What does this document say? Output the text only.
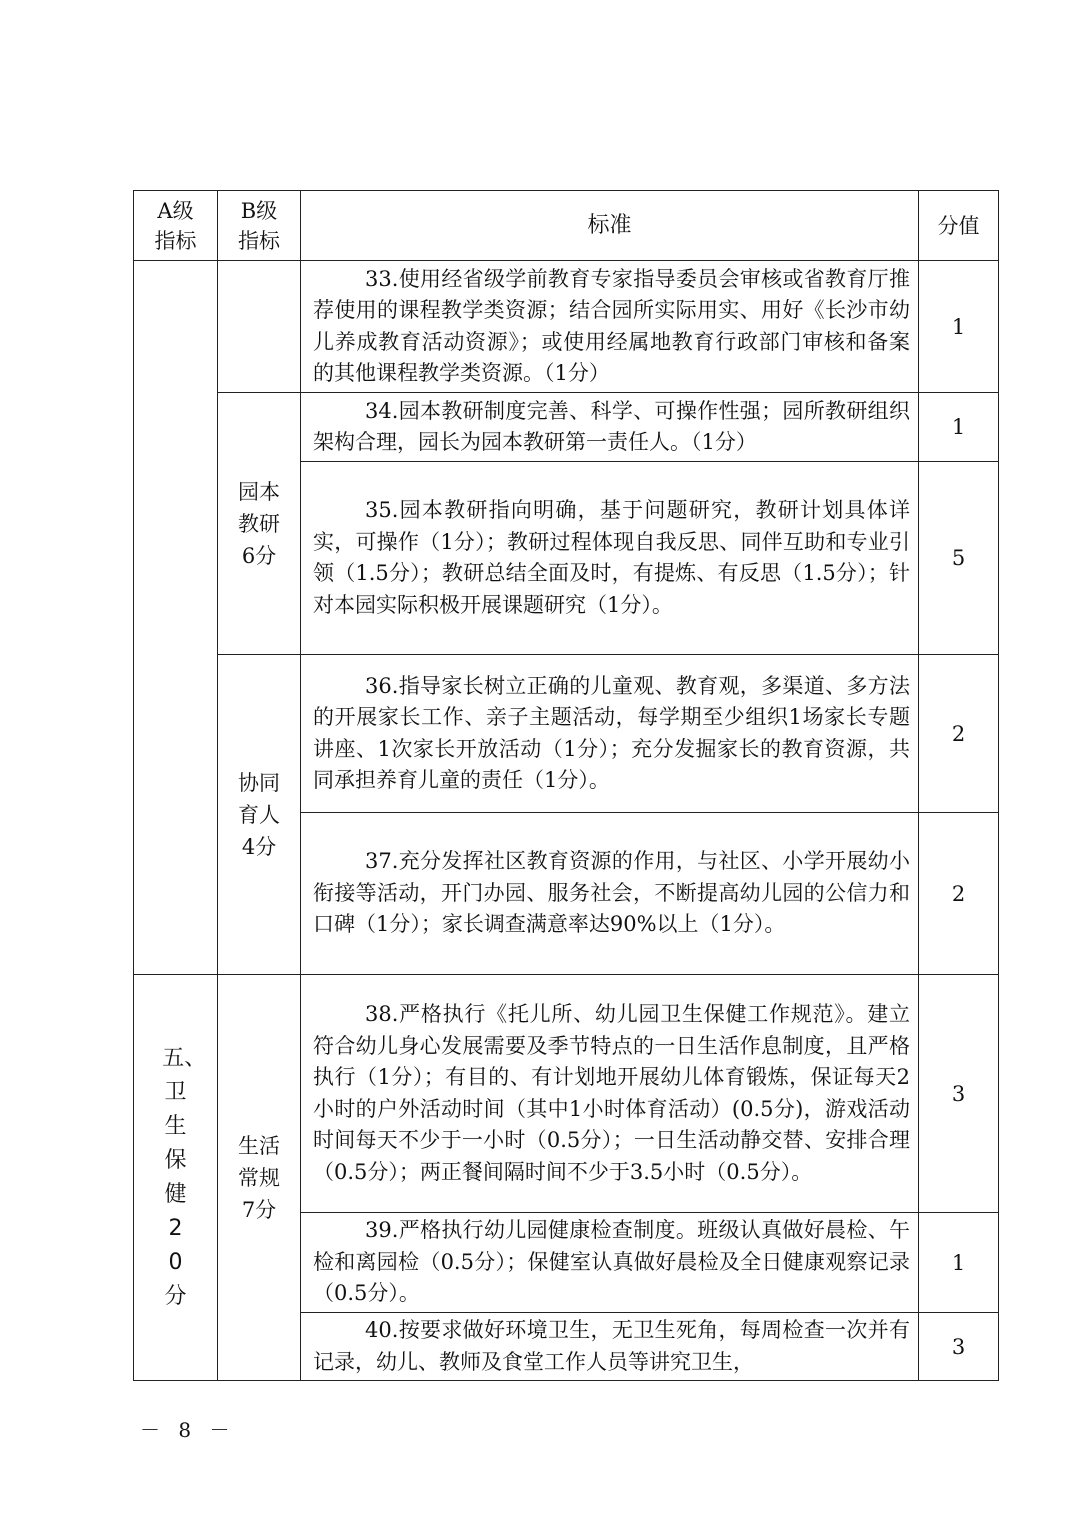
A级指标	B级指标	标准	分值
		33.使用经省级学前教育专家指导委员会审核或省教育厅推荐使用的课程教学类资源；结合园所实际用实、用好《长沙市幼儿养成教育活动资源》；或使用经属地教育行政部门审核和备案的其他课程教学类资源。（1分）	1
	园本教研6分	34.园本教研制度完善、科学、可操作性强；园所教研组织架构合理，园长为园本教研第一责任人。（1分）	1
		35.园本教研指向明确，基于问题研究，教研计划具体详实，可操作（1分）；教研过程体现自我反思、同伴互助和专业引领（1.5分）；教研总结全面及时，有提炼、有反思（1.5分）；针对本园实际积极开展课题研究（1分）。	5
	协同育人4分	36.指导家长树立正确的儿童观、教育观，多渠道、多方法的开展家长工作、亲子主题活动，每学期至少组织1场家长专题讲座、1次家长开放活动（1分）；充分发掘家长的教育资源，共同承担养育儿童的责任（1分）。	2
		37.充分发挥社区教育资源的作用，与社区、小学开展幼小衔接等活动，开门办园、服务社会，不断提高幼儿园的公信力和口碑（1分）；家长调查满意率达90%以上（1分）。	2
五、卫生保健20分	生活常规7分	38.严格执行《托儿所、幼儿园卫生保健工作规范》。建立符合幼儿身心发展需要及季节特点的一日生活作息制度，且严格执行（1分）；有目的、有计划地开展幼儿体育锻炼，保证每天2小时的户外活动时间（其中1小时体育活动）(0.5分)，游戏活动时间每天不少于一小时（0.5分）；一日生活动静交替、安排合理（0.5分）；两正餐间隔时间不少于3.5小时（0.5分）。	3
		39.严格执行幼儿园健康检查制度。班级认真做好晨检、午检和离园检（0.5分）；保健室认真做好晨检及全日健康观察记录（0.5分）。	1
		40.按要求做好环境卫生，无卫生死角，每周检查一次并有记录，幼儿、教师及食堂工作人员等讲究卫生，	3
－ 8 －
